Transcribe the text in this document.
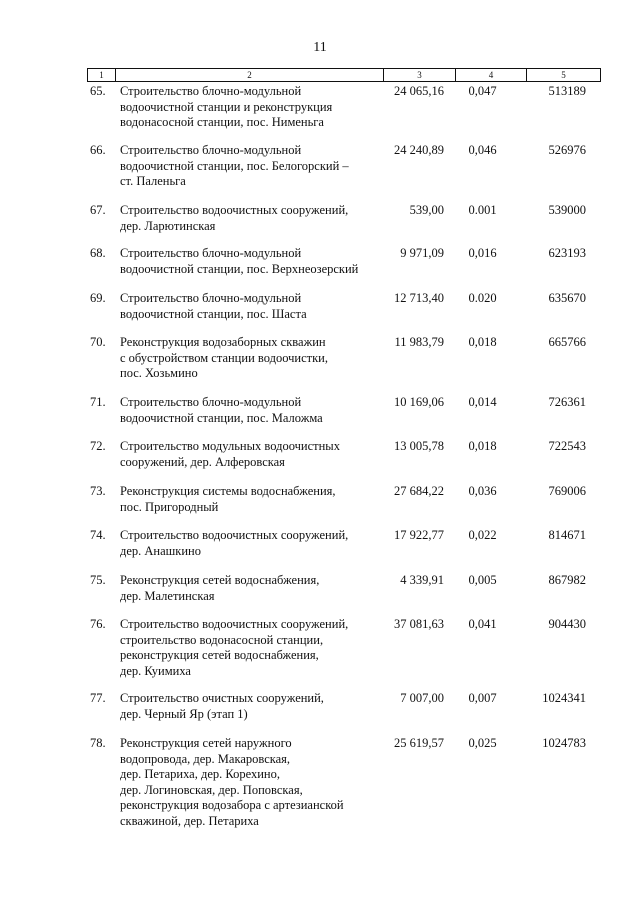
11
1	2	3	4	5
65.	Строительство блочно-модульной
водоочистной станции и реконструкция
водонасосной станции, пос. Нименьга
24 065,16	0,047	513189
66.	Строительство блочно-модульной
водоочистной станции, пос. Белогорский –
ст. Паленьга
24 240,89	0,046	526976
67.	Строительство водоочистных сооружений,
дер. Ларютинская
539,00	0.001	539000
68.	Строительство блочно-модульной
водоочистной станции, пос. Верхнеозерский
9 971,09	0,016	623193
69.	Строительство блочно-модульной
водоочистной станции, пос. Шаста
12 713,40	0.020	635670
70.	Реконструкция водозаборных скважин
с обустройством станции водоочистки,
пос. Хозьмино
11 983,79	0,018	665766
71.	Строительство блочно-модульной
водоочистной станции, пос. Маложма
10 169,06	0,014	726361
72.	Строительство модульных водоочистных
сооружений, дер. Алферовская
13 005,78	0,018	722543
73.	Реконструкция системы водоснабжения,
пос. Пригородный
27 684,22	0,036	769006
74.	Строительство водоочистных сооружений,
дер. Анашкино
17 922,77	0,022	814671
75.	Реконструкция сетей водоснабжения,
дер. Малетинская
4 339,91	0,005	867982
76.	Строительство водоочистных сооружений,
строительство водонасосной станции,
реконструкция сетей водоснабжения,
дер. Куимиха
37 081,63	0,041	904430
77.	Строительство очистных сооружений,
дер. Черный Яр (этап 1)
7 007,00	0,007	1024341
78.	Реконструкция сетей наружного
водопровода, дер. Макаровская,
дер. Петариха, дер. Корехино,
дер. Логиновская, дер. Поповская,
реконструкция водозабора с артезианской
скважиной, дер. Петариха
25 619,57	0,025	1024783
